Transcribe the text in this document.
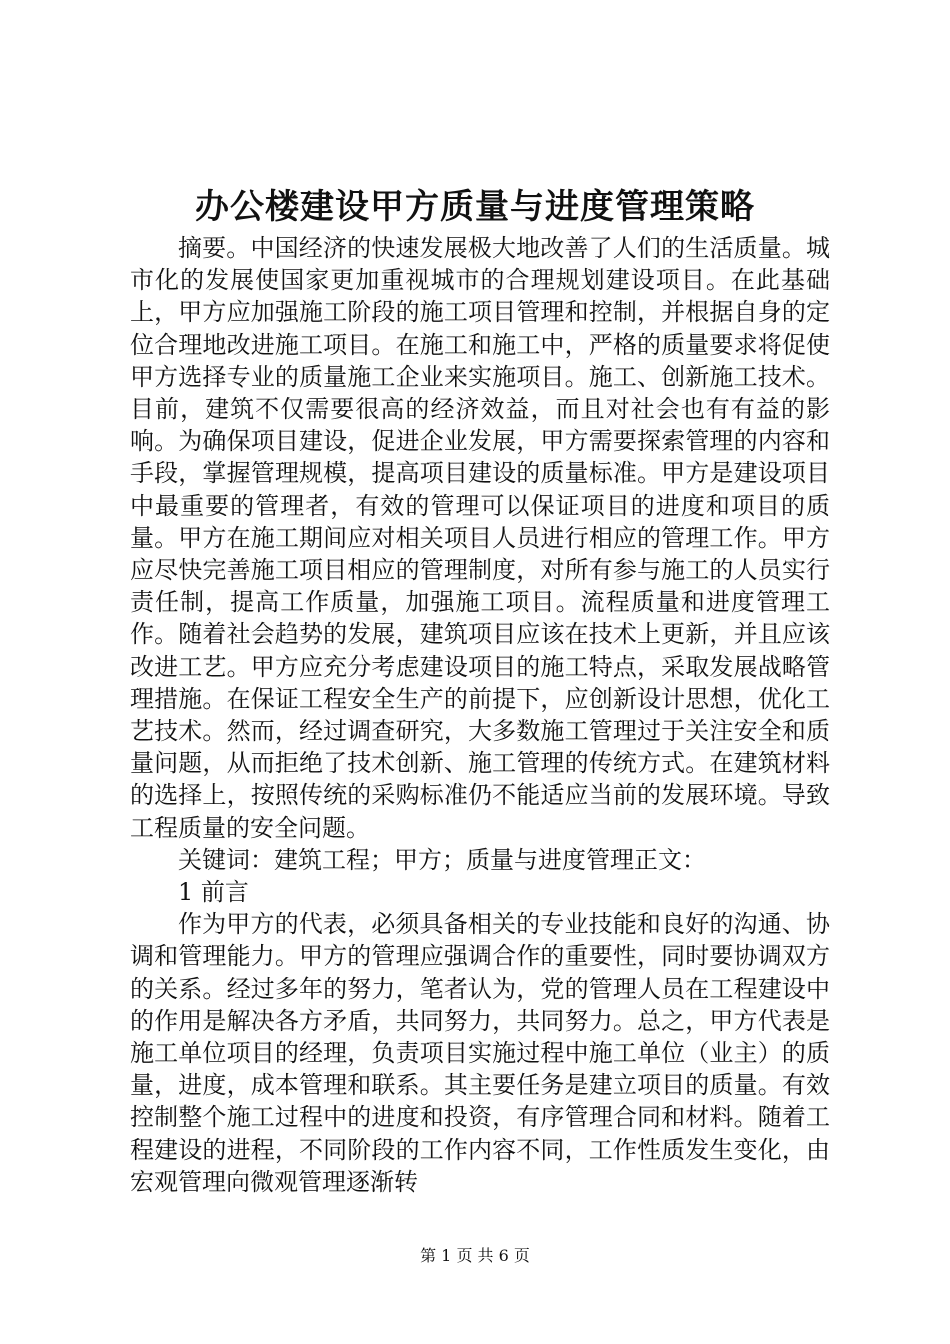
办公楼建设甲方质量与进度管理策略

摘要。中国经济的快速发展极大地改善了人们的生活质量。城市化的发展使国家更加重视城市的合理规划建设项目。在此基础上，甲方应加强施工阶段的施工项目管理和控制，并根据自身的定位合理地改进施工项目。在施工和施工中，严格的质量要求将促使甲方选择专业的质量施工企业来实施项目。施工、创新施工技术。目前，建筑不仅需要很高的经济效益，而且对社会也有有益的影响。为确保项目建设，促进企业发展，甲方需要探索管理的内容和手段，掌握管理规模，提高项目建设的质量标准。甲方是建设项目中最重要的管理者，有效的管理可以保证项目的进度和项目的质量。甲方在施工期间应对相关项目人员进行相应的管理工作。甲方应尽快完善施工项目相应的管理制度，对所有参与施工的人员实行责任制，提高工作质量，加强施工项目。流程质量和进度管理工作。随着社会趋势的发展，建筑项目应该在技术上更新，并且应该改进工艺。甲方应充分考虑建设项目的施工特点，采取发展战略管理措施。在保证工程安全生产的前提下，应创新设计思想，优化工艺技术。然而，经过调查研究，大多数施工管理过于关注安全和质量问题，从而拒绝了技术创新、施工管理的传统方式。在建筑材料的选择上，按照传统的采购标准仍不能适应当前的发展环境。导致工程质量的安全问题。

关键词：建筑工程；甲方；质量与进度管理正文：

1 前言

作为甲方的代表，必须具备相关的专业技能和良好的沟通、协调和管理能力。甲方的管理应强调合作的重要性，同时要协调双方的关系。经过多年的努力，笔者认为，党的管理人员在工程建设中的作用是解决各方矛盾，共同努力，共同努力。总之，甲方代表是施工单位项目的经理，负责项目实施过程中施工单位（业主）的质量，进度，成本管理和联系。其主要任务是建立项目的质量。有效控制整个施工过程中的进度和投资，有序管理合同和材料。随着工程建设的进程，不同阶段的工作内容不同，工作性质发生变化，由宏观管理向微观管理逐渐转

第 1 页 共 6 页
